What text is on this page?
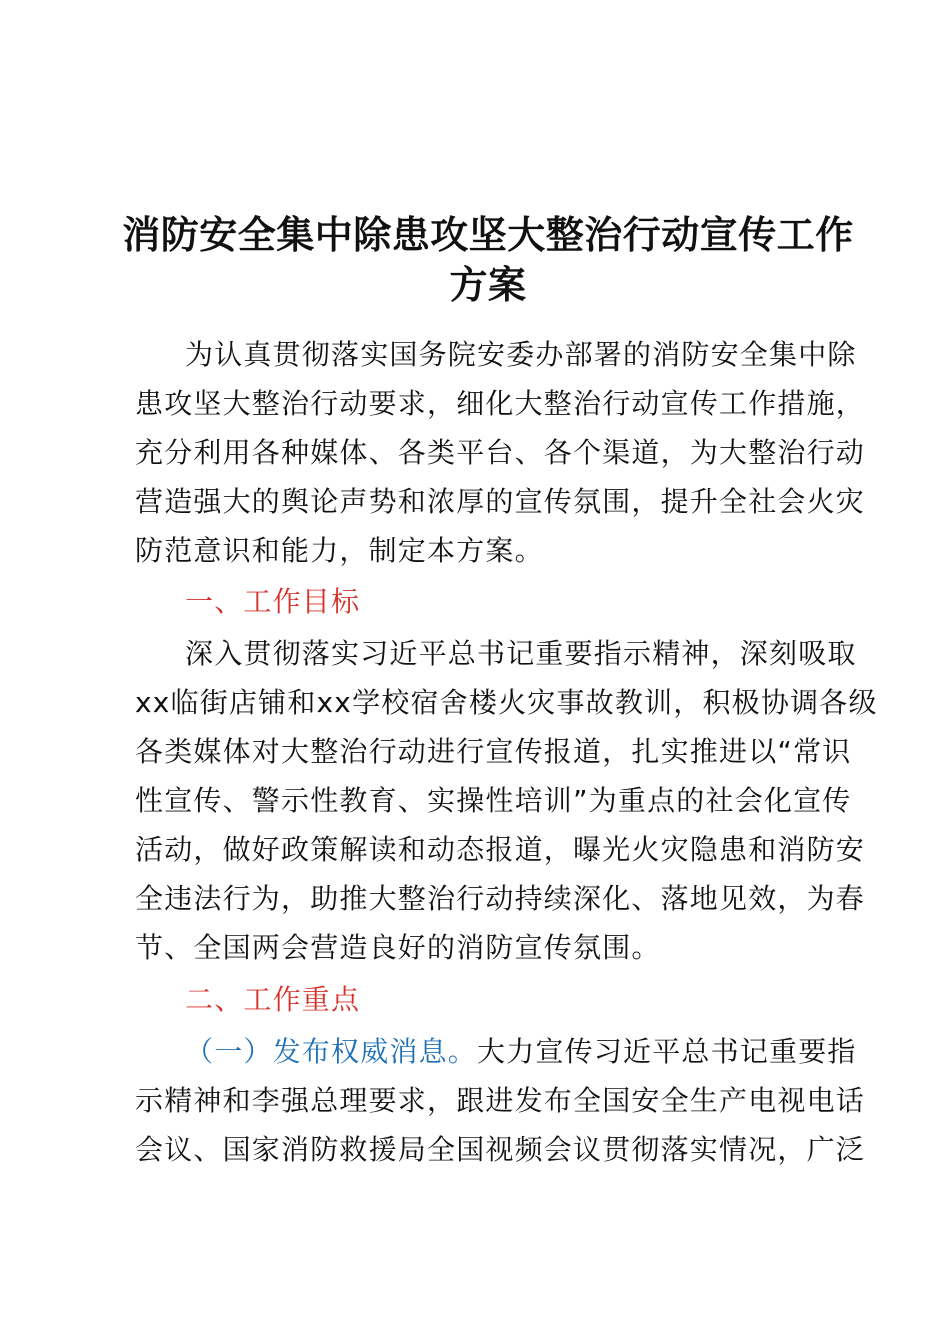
消防安全集中除患攻坚大整治行动宣传工作
方案
为认真贯彻落实国务院安委办部署的消防安全集中除
患攻坚大整治行动要求，细化大整治行动宣传工作措施，
充分利用各种媒体、各类平台、各个渠道，为大整治行动
营造强大的舆论声势和浓厚的宣传氛围，提升全社会火灾
防范意识和能力，制定本方案。
一、工作目标
深入贯彻落实习近平总书记重要指示精神，深刻吸取
xx临街店铺和xx学校宿舍楼火灾事故教训，积极协调各级
各类媒体对大整治行动进行宣传报道，扎实推进以“常识
性宣传、警示性教育、实操性培训”为重点的社会化宣传
活动，做好政策解读和动态报道，曝光火灾隐患和消防安
全违法行为，助推大整治行动持续深化、落地见效，为春
节、全国两会营造良好的消防宣传氛围。
二、工作重点
（一）发布权威消息。大力宣传习近平总书记重要指
示精神和李强总理要求，跟进发布全国安全生产电视电话
会议、国家消防救援局全国视频会议贯彻落实情况，广泛
